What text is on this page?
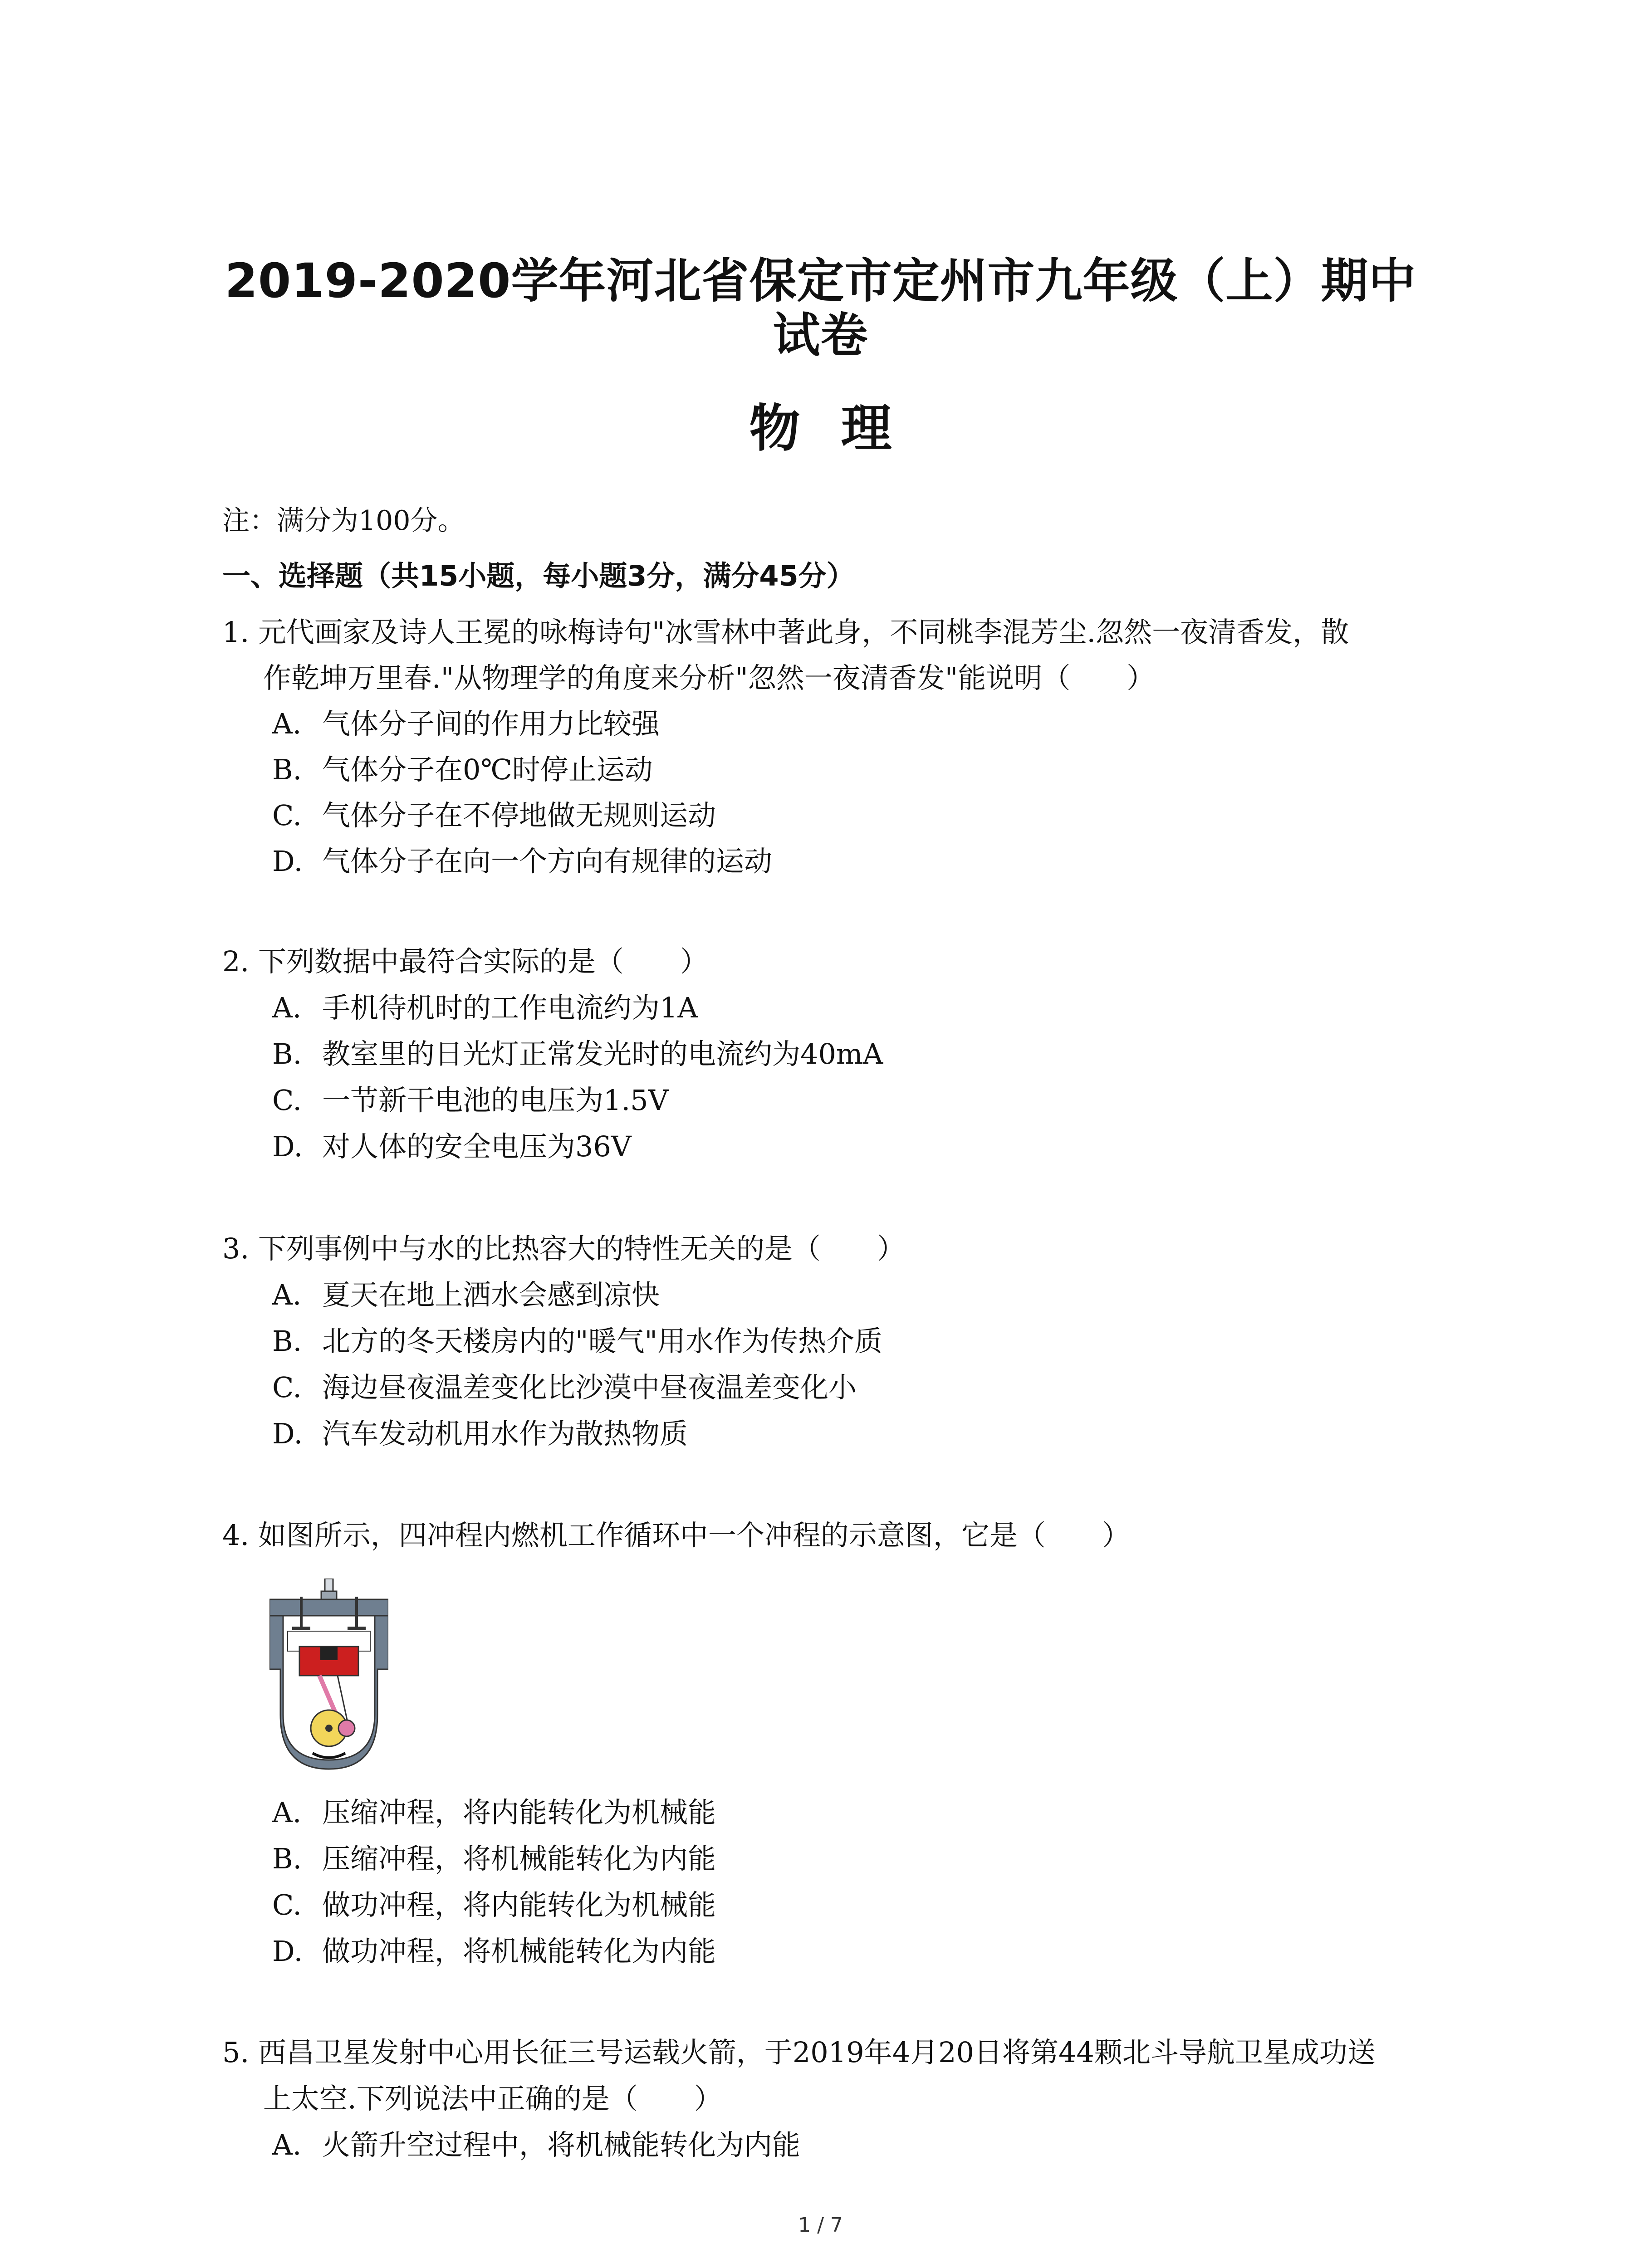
2019-2020学年河北省保定市定州市九年级（上）期中
试卷
物理
注：满分为100分。
一、选择题（共15小题，每小题3分，满分45分）
1. 元代画家及诗人王冕的咏梅诗句"冰雪林中著此身，不同桃李混芳尘.忽然一夜清香发，散
作乾坤万里春."从物理学的角度来分析"忽然一夜清香发"能说明（　　）
A. 气体分子间的作用力比较强
B. 气体分子在0℃时停止运动
C. 气体分子在不停地做无规则运动
D. 气体分子在向一个方向有规律的运动
2. 下列数据中最符合实际的是（　　）
A. 手机待机时的工作电流约为1A
B. 教室里的日光灯正常发光时的电流约为40mA
C. 一节新干电池的电压为1.5V
D. 对人体的安全电压为36V
3. 下列事例中与水的比热容大的特性无关的是（　　）
A. 夏天在地上洒水会感到凉快
B. 北方的冬天楼房内的"暖气"用水作为传热介质
C. 海边昼夜温差变化比沙漠中昼夜温差变化小
D. 汽车发动机用水作为散热物质
4. 如图所示，四冲程内燃机工作循环中一个冲程的示意图，它是（　　）
A. 压缩冲程，将内能转化为机械能
B. 压缩冲程，将机械能转化为内能
C. 做功冲程，将内能转化为机械能
D. 做功冲程，将机械能转化为内能
5. 西昌卫星发射中心用长征三号运载火箭，于2019年4月20日将第44颗北斗导航卫星成功送
上太空.下列说法中正确的是（　　）
A. 火箭升空过程中，将机械能转化为内能
1 / 7
